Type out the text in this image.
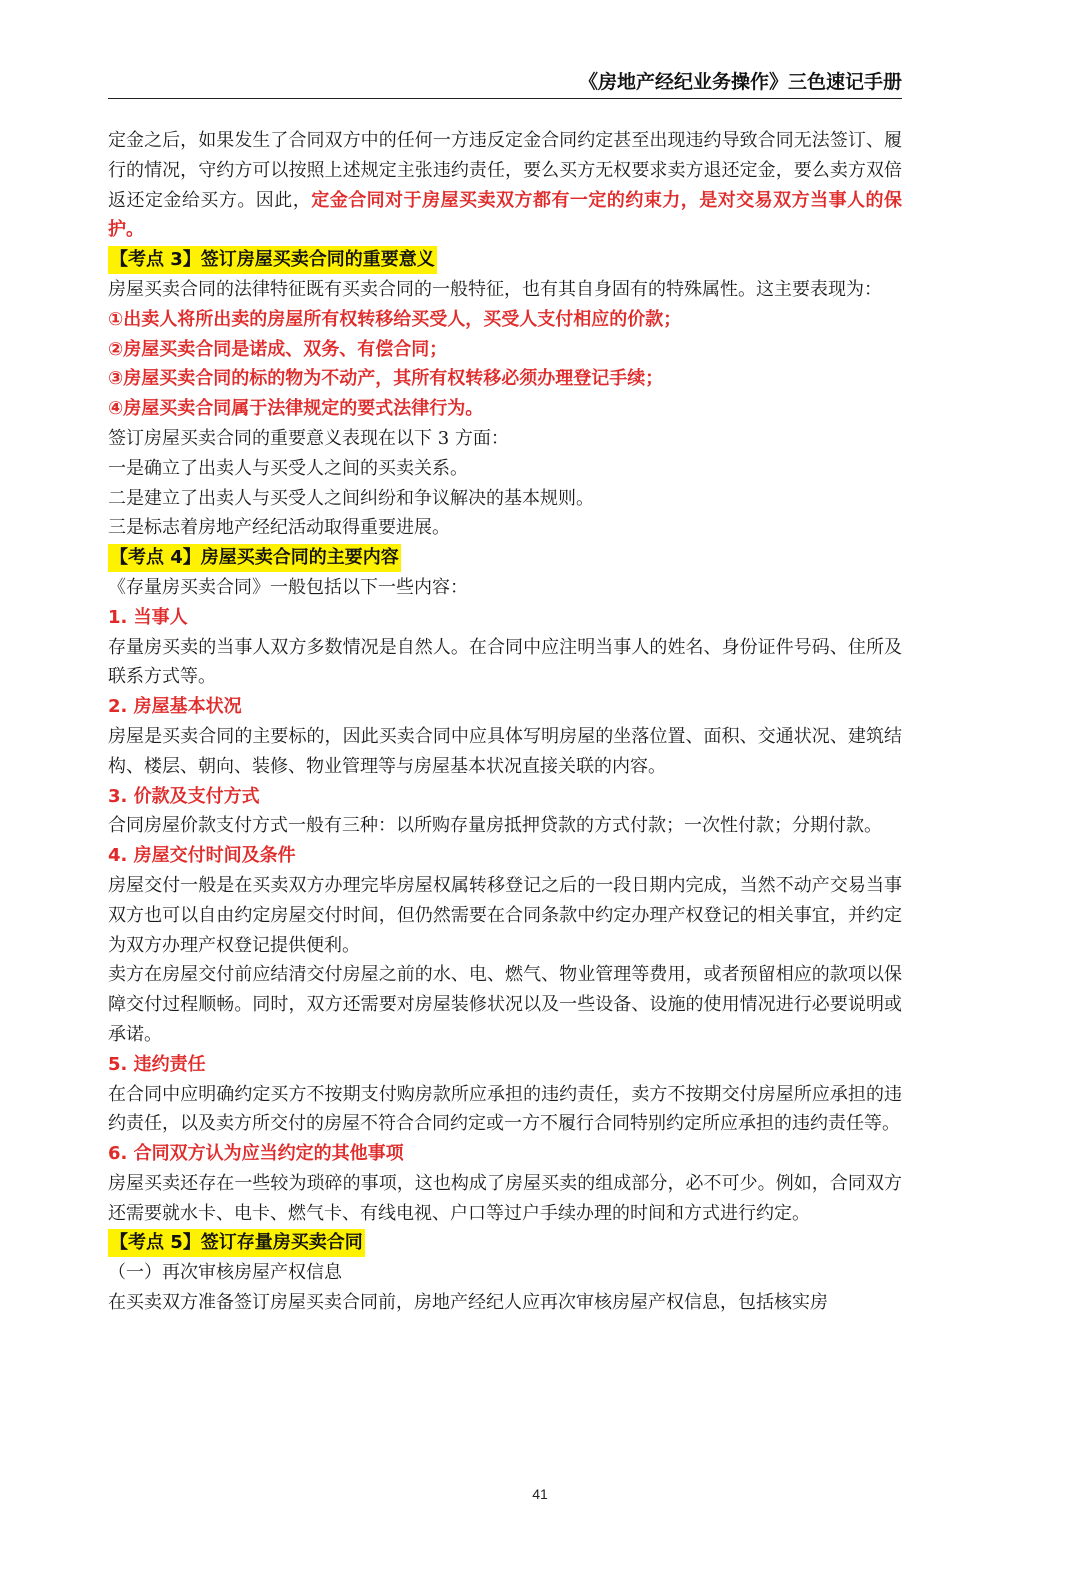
《房地产经纪业务操作》三色速记手册

定金之后，如果发生了合同双方中的任何一方违反定金合同约定甚至出现违约导致合同无法签订、履行的情况，守约方可以按照上述规定主张违约责任，要么买方无权要求卖方退还定金，要么卖方双倍返还定金给买方。因此，定金合同对于房屋买卖双方都有一定的约束力，是对交易双方当事人的保护。

【考点 3】签订房屋买卖合同的重要意义

房屋买卖合同的法律特征既有买卖合同的一般特征，也有其自身固有的特殊属性。这主要表现为：

①出卖人将所出卖的房屋所有权转移给买受人，买受人支付相应的价款；

②房屋买卖合同是诺成、双务、有偿合同；

③房屋买卖合同的标的物为不动产，其所有权转移必须办理登记手续；

④房屋买卖合同属于法律规定的要式法律行为。

签订房屋买卖合同的重要意义表现在以下 3 方面：

一是确立了出卖人与买受人之间的买卖关系。

二是建立了出卖人与买受人之间纠纷和争议解决的基本规则。

三是标志着房地产经纪活动取得重要进展。

【考点 4】房屋买卖合同的主要内容

《存量房买卖合同》一般包括以下一些内容：

1. 当事人

存量房买卖的当事人双方多数情况是自然人。在合同中应注明当事人的姓名、身份证件号码、住所及联系方式等。

2. 房屋基本状况

房屋是买卖合同的主要标的，因此买卖合同中应具体写明房屋的坐落位置、面积、交通状况、建筑结构、楼层、朝向、装修、物业管理等与房屋基本状况直接关联的内容。

3. 价款及支付方式

合同房屋价款支付方式一般有三种：以所购存量房抵押贷款的方式付款；一次性付款；分期付款。

4. 房屋交付时间及条件

房屋交付一般是在买卖双方办理完毕房屋权属转移登记之后的一段日期内完成，当然不动产交易当事双方也可以自由约定房屋交付时间，但仍然需要在合同条款中约定办理产权登记的相关事宜，并约定为双方办理产权登记提供便利。

卖方在房屋交付前应结清交付房屋之前的水、电、燃气、物业管理等费用，或者预留相应的款项以保障交付过程顺畅。同时，双方还需要对房屋装修状况以及一些设备、设施的使用情况进行必要说明或承诺。

5. 违约责任

在合同中应明确约定买方不按期支付购房款所应承担的违约责任，卖方不按期交付房屋所应承担的违约责任，以及卖方所交付的房屋不符合合同约定或一方不履行合同特别约定所应承担的违约责任等。

6. 合同双方认为应当约定的其他事项

房屋买卖还存在一些较为琐碎的事项，这也构成了房屋买卖的组成部分，必不可少。例如，合同双方还需要就水卡、电卡、燃气卡、有线电视、户口等过户手续办理的时间和方式进行约定。

【考点 5】签订存量房买卖合同

（一）再次审核房屋产权信息

在买卖双方准备签订房屋买卖合同前，房地产经纪人应再次审核房屋产权信息，包括核实房

41
